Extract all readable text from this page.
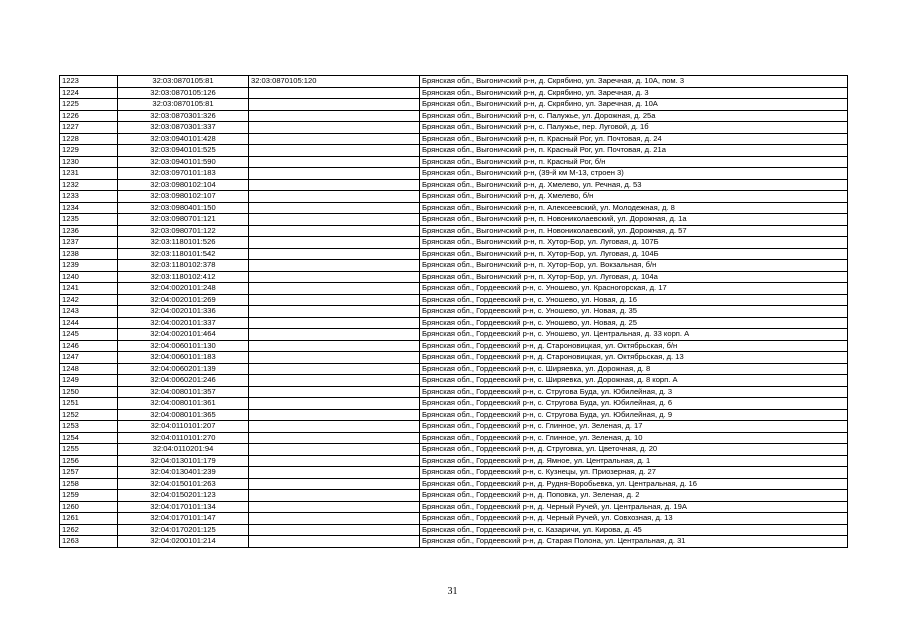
1223	32:03:0870105:81	32:03:0870105:120	Брянская обл., Выгоничский р-н, д. Скрябино, ул. Заречная, д. 10А, пом. 3
1224	32:03:0870105:126		Брянская обл., Выгоничский р-н, д. Скрябино, ул. Заречная, д. 3
1225	32:03:0870105:81		Брянская обл., Выгоничский р-н, д. Скрябино, ул. Заречная, д. 10А
1226	32:03:0870301:326		Брянская обл., Выгоничский р-н, с. Палужье, ул. Дорожная, д. 25а
1227	32:03:0870301:337		Брянская обл., Выгоничский р-н, с. Палужье, пер. Луговой, д. 1б
1228	32:03:0940101:428		Брянская обл., Выгоничский р-н, п. Красный Рог, ул. Почтовая, д. 24
1229	32:03:0940101:525		Брянская обл., Выгоничский р-н, п. Красный Рог, ул. Почтовая, д. 21а
1230	32:03:0940101:590		Брянская обл., Выгоничский р-н, п. Красный Рог, б/н
1231	32:03:0970101:183		Брянская обл., Выгоничский р-н, (39-й км М-13, строен 3)
1232	32:03:0980102:104		Брянская обл., Выгоничский р-н, д. Хмелево, ул. Речная, д. 53
1233	32:03:0980102:107		Брянская обл., Выгоничский р-н, д. Хмелево, б/н
1234	32:03:0980401:150		Брянская обл., Выгоничский р-н, п. Алексеевский, ул. Молодежная, д. 8
1235	32:03:0980701:121		Брянская обл., Выгоничский р-н, п. Новониколаевский, ул. Дорожная, д. 1а
1236	32:03:0980701:122		Брянская обл., Выгоничский р-н, п. Новониколаевский, ул. Дорожная, д. 57
1237	32:03:1180101:526		Брянская обл., Выгоничский р-н, п. Хутор-Бор, ул. Луговая, д. 107Б
1238	32:03:1180101:542		Брянская обл., Выгоничский р-н, п. Хутор-Бор, ул. Луговая, д. 104Б
1239	32:03:1180102:378		Брянская обл., Выгоничский р-н, п. Хутор-Бор, ул. Вокзальная, б/н
1240	32:03:1180102:412		Брянская обл., Выгоничский р-н, п. Хутор-Бор, ул. Луговая, д. 104а
1241	32:04:0020101:248		Брянская обл., Гордеевский р-н, с. Уношево, ул. Красногорская, д. 17
1242	32:04:0020101:269		Брянская обл., Гордеевский р-н, с. Уношево, ул. Новая, д. 16
1243	32:04:0020101:336		Брянская обл., Гордеевский р-н, с. Уношево, ул. Новая, д. 35
1244	32:04:0020101:337		Брянская обл., Гордеевский р-н, с. Уношево, ул. Новая, д. 25
1245	32:04:0020101:464		Брянская обл., Гордеевский р-н, с. Уношево, ул. Центральная, д. 33 корп. А
1246	32:04:0060101:130		Брянская обл., Гордеевский р-н, д. Староновицкая, ул. Октябрьская, б/н
1247	32:04:0060101:183		Брянская обл., Гордеевский р-н, д. Староновицкая, ул. Октябрьская, д. 13
1248	32:04:0060201:139		Брянская обл., Гордеевский р-н, с. Ширяевка, ул. Дорожная, д. 8
1249	32:04:0060201:246		Брянская обл., Гордеевский р-н, с. Ширяевка, ул. Дорожная, д. 8 корп. А
1250	32:04:0080101:357		Брянская обл., Гордеевский р-н, с. Стругова Буда, ул. Юбилейная, д. 3
1251	32:04:0080101:361		Брянская обл., Гордеевский р-н, с. Стругова Буда, ул. Юбилейная, д. 6
1252	32:04:0080101:365		Брянская обл., Гордеевский р-н, с. Стругова Буда, ул. Юбилейная, д. 9
1253	32:04:0110101:207		Брянская обл., Гордеевский р-н, с. Глинное, ул. Зеленая, д. 17
1254	32:04:0110101:270		Брянская обл., Гордеевский р-н, с. Глинное, ул. Зеленая, д. 10
1255	32:04:0110201:94		Брянская обл., Гордеевский р-н, д. Струговка, ул. Цветочная, д. 20
1256	32:04:0130101:179		Брянская обл., Гордеевский р-н, д. Ямное, ул. Центральная, д. 1
1257	32:04:0130401:239		Брянская обл., Гордеевский р-н, с. Кузнецы, ул. Приозерная, д. 27
1258	32:04:0150101:263		Брянская обл., Гордеевский р-н, д. Рудня-Воробьевка, ул. Центральная, д. 16
1259	32:04:0150201:123		Брянская обл., Гордеевский р-н, д. Поповка, ул. Зеленая, д. 2
1260	32:04:0170101:134		Брянская обл., Гордеевский р-н, д. Черный Ручей, ул. Центральная, д. 19А
1261	32:04:0170101:147		Брянская обл., Гордеевский р-н, д. Черный Ручей, ул. Совхозная, д. 13
1262	32:04:0170201:125		Брянская обл., Гордеевский р-н, с. Казаричи, ул. Кирова, д. 45
1263	32:04:0200101:214		Брянская обл., Гордеевский р-н, д. Старая Полона, ул. Центральная, д. 31
31
